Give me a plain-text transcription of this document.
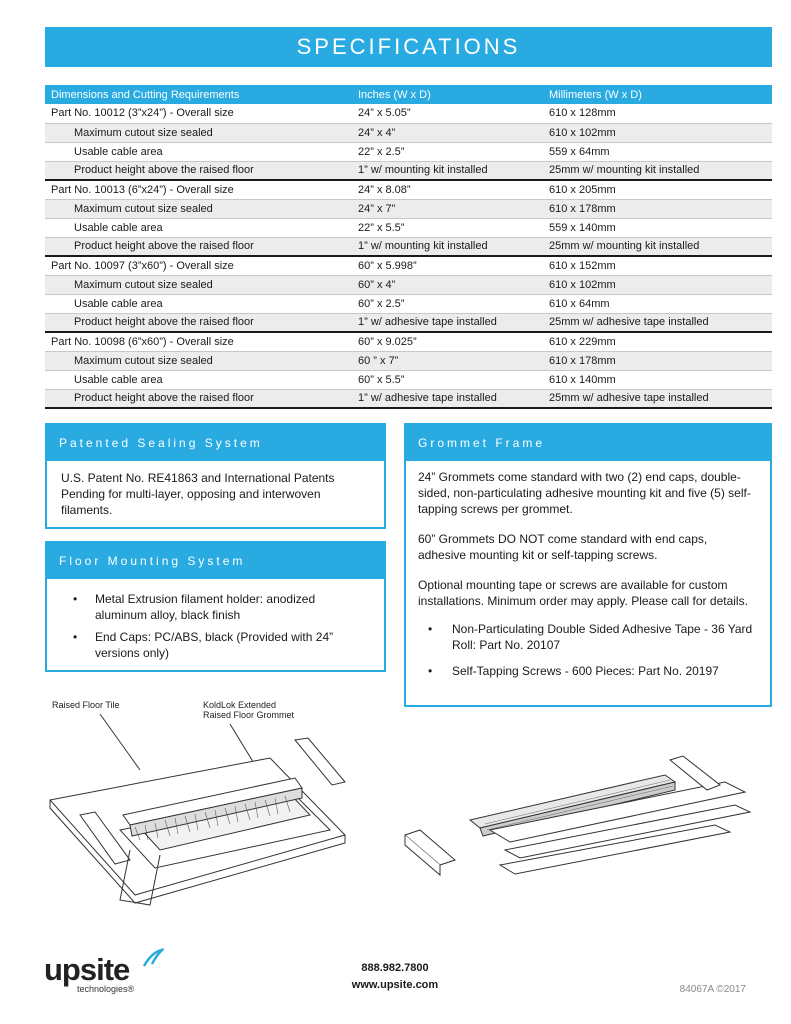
SPECIFICATIONS
Dimensions and Cutting Requirements	Inches (W x D)	Millimeters (W x D)
Part No. 10012 (3”x24”) - Overall size	24” x 5.05”	610 x 128mm
Maximum cutout size sealed	24” x 4”	610 x 102mm
Usable cable area	22” x 2.5”	559 x 64mm
Product height above the raised floor	1” w/ mounting kit installed	25mm w/ mounting kit installed
Part No. 10013 (6”x24”) - Overall size	24” x 8.08”	610 x 205mm
Maximum cutout size sealed	24” x 7”	610 x 178mm
Usable cable area	22” x 5.5”	559 x 140mm
Product height above the raised floor	1” w/ mounting kit installed	25mm w/ mounting kit installed
Part No. 10097 (3”x60”) - Overall size	60” x 5.998”	610 x 152mm
Maximum cutout size sealed	60” x 4”	610 x 102mm
Usable cable area	60” x 2.5”	610 x 64mm
Product height above the raised floor	1” w/ adhesive tape installed	25mm w/ adhesive tape installed
Part No. 10098 (6”x60”) - Overall size	60” x 9.025”	610 x 229mm
Maximum cutout size sealed	60 ” x 7”	610 x 178mm
Usable cable area	60” x 5.5”	610 x 140mm
Product height above the raised floor	1” w/ adhesive tape installed	25mm w/ adhesive tape installed
Patented Sealing System
U.S. Patent No. RE41863 and International Patents Pending for multi-layer, opposing and interwoven filaments.
Floor Mounting System
• Metal Extrusion filament holder: anodized aluminum alloy, black finish
• End Caps: PC/ABS, black (Provided with 24” versions only)
Grommet Frame

24” Grommets come standard with two (2) end caps, double-sided, non-particulating adhesive mounting kit and five (5) self-tapping screws per grommet.

60” Grommets DO NOT come standard with end caps, adhesive mounting kit or self-tapping screws.

Optional mounting tape or screws are available for custom installations. Minimum order may apply. Please call for details.

• Non-Particulating Double Sided Adhesive Tape - 36 Yard Roll: Part No. 20107
• Self-Tapping Screws - 600 Pieces: Part No. 20197
Raised Floor Tile	KoldLok Extended
Raised Floor Grommet
upsite
technologies®
888.982.7800
www.upsite.com	84067A ©2017
